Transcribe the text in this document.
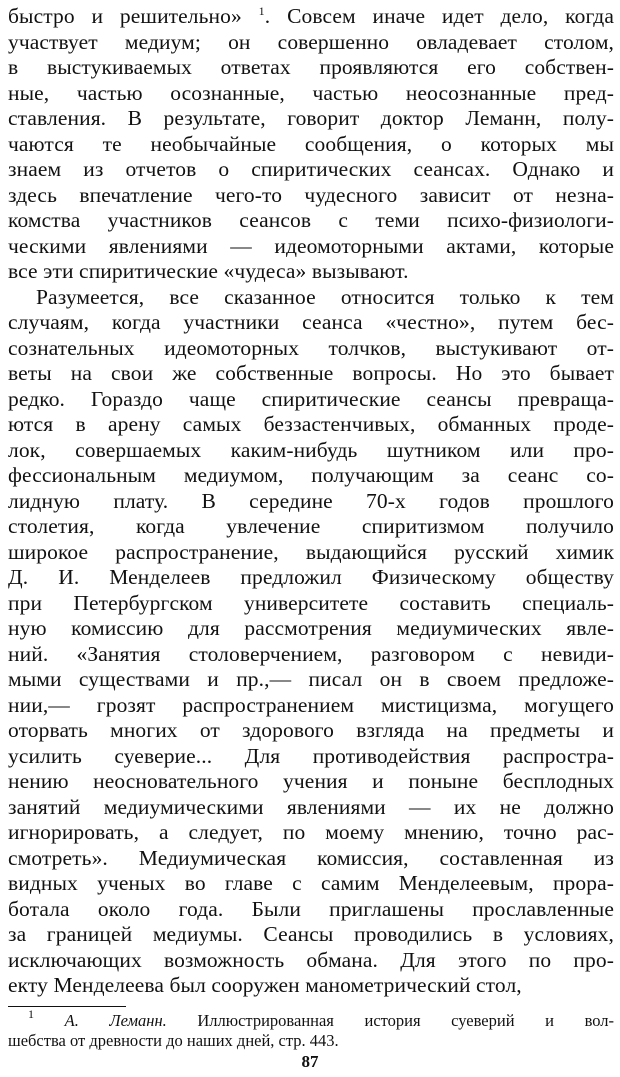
быстро и решительно» $^1$. Совсем иначе идет дело, когда
участвует медиум; он совершенно овладевает столом,
в выстукиваемых ответах проявляются его собствен-
ные, частью осознанные, частью неосознанные пред-
ставления. В результате, говорит доктор Леманн, полу-
чаются те необычайные сообщения, о которых мы
знаем из отчетов о спиритических сеансах. Однако и
здесь впечатление чего-то чудесного зависит от незна-
комства участников сеансов с теми психо-физиологи-
ческими явлениями — идеомоторными актами, которые
все эти спиритические «чудеса» вызывают.
Разумеется, все сказанное относится только к тем
случаям, когда участники сеанса «честно», путем бес-
сознательных идеомоторных толчков, выстукивают от-
веты на свои же собственные вопросы. Но это бывает
редко. Гораздо чаще спиритические сеансы превраща-
ются в арену самых беззастенчивых, обманных проде-
лок, совершаемых каким-нибудь шутником или про-
фессиональным медиумом, получающим за сеанс со-
лидную плату. В середине 70-х годов прошлого
столетия, когда увлечение спиритизмом получило
широкое распространение, выдающийся русский химик
Д. И. Менделеев предложил Физическому обществу
при Петербургском университете составить специаль-
ную комиссию для рассмотрения медиумических явле-
ний. «Занятия столоверчением, разговором с невиди-
мыми существами и пр.,— писал он в своем предложе-
нии,— грозят распространением мистицизма, могущего
оторвать многих от здорового взгляда на предметы и
усилить суеверие... Для противодействия распростра-
нению неосновательного учения и поныне бесплодных
занятий медиумическими явлениями — их не должно
игнорировать, а следует, по моему мнению, точно рас-
смотреть». Медиумическая комиссия, составленная из
видных ученых во главе с самим Менделеевым, прора-
ботала около года. Были приглашены прославленные
за границей медиумы. Сеансы проводились в условиях,
исключающих возможность обмана. Для этого по про-
екту Менделеева был сооружен манометрический стол,
$^1$ А. Леманн. Иллюстрированная история суеверий и вол-
шебства от древности до наших дней, стр. 443.
87
